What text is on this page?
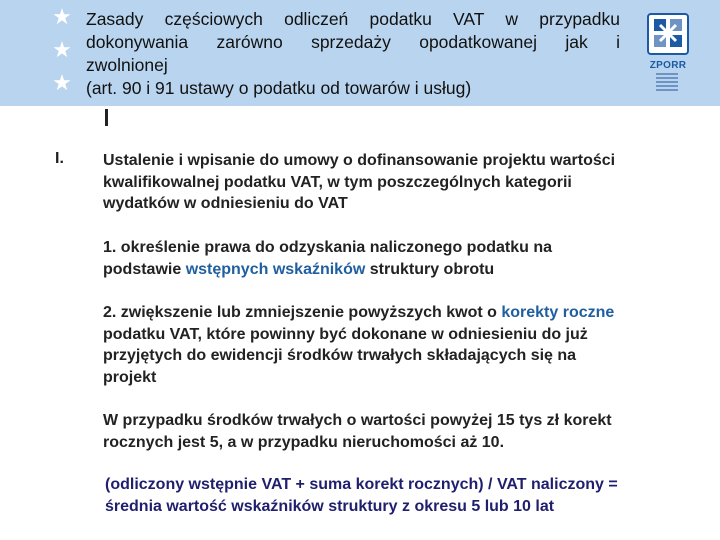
★
★
★
Zasady częściowych odliczeń podatku VAT w przypadku
dokonywania zarówno sprzedaży opodatkowanej jak i
zwolnionej
(art. 90 i 91 ustawy o podatku od towarów i usług)
ZPORR
I. Ustalenie i wpisanie do umowy o dofinansowanie projektu wartości
kwalifikowalnej podatku VAT, w tym poszczególnych kategorii
wydatków w odniesieniu do VAT

1. określenie prawa do odzyskania naliczonego podatku na
podstawie wstępnych wskaźników struktury obrotu

2. zwiększenie lub zmniejszenie powyższych kwot o korekty roczne
podatku VAT, które powinny być dokonane w odniesieniu do już
przyjętych do ewidencji środków trwałych składających się na
projekt

W przypadku środków trwałych o wartości powyżej 15 tys zł korekt
rocznych jest 5, a w przypadku nieruchomości aż 10.

(odliczony wstępnie VAT + suma korekt rocznych) / VAT naliczony =
średnia wartość wskaźników struktury z okresu 5 lub 10 lat
